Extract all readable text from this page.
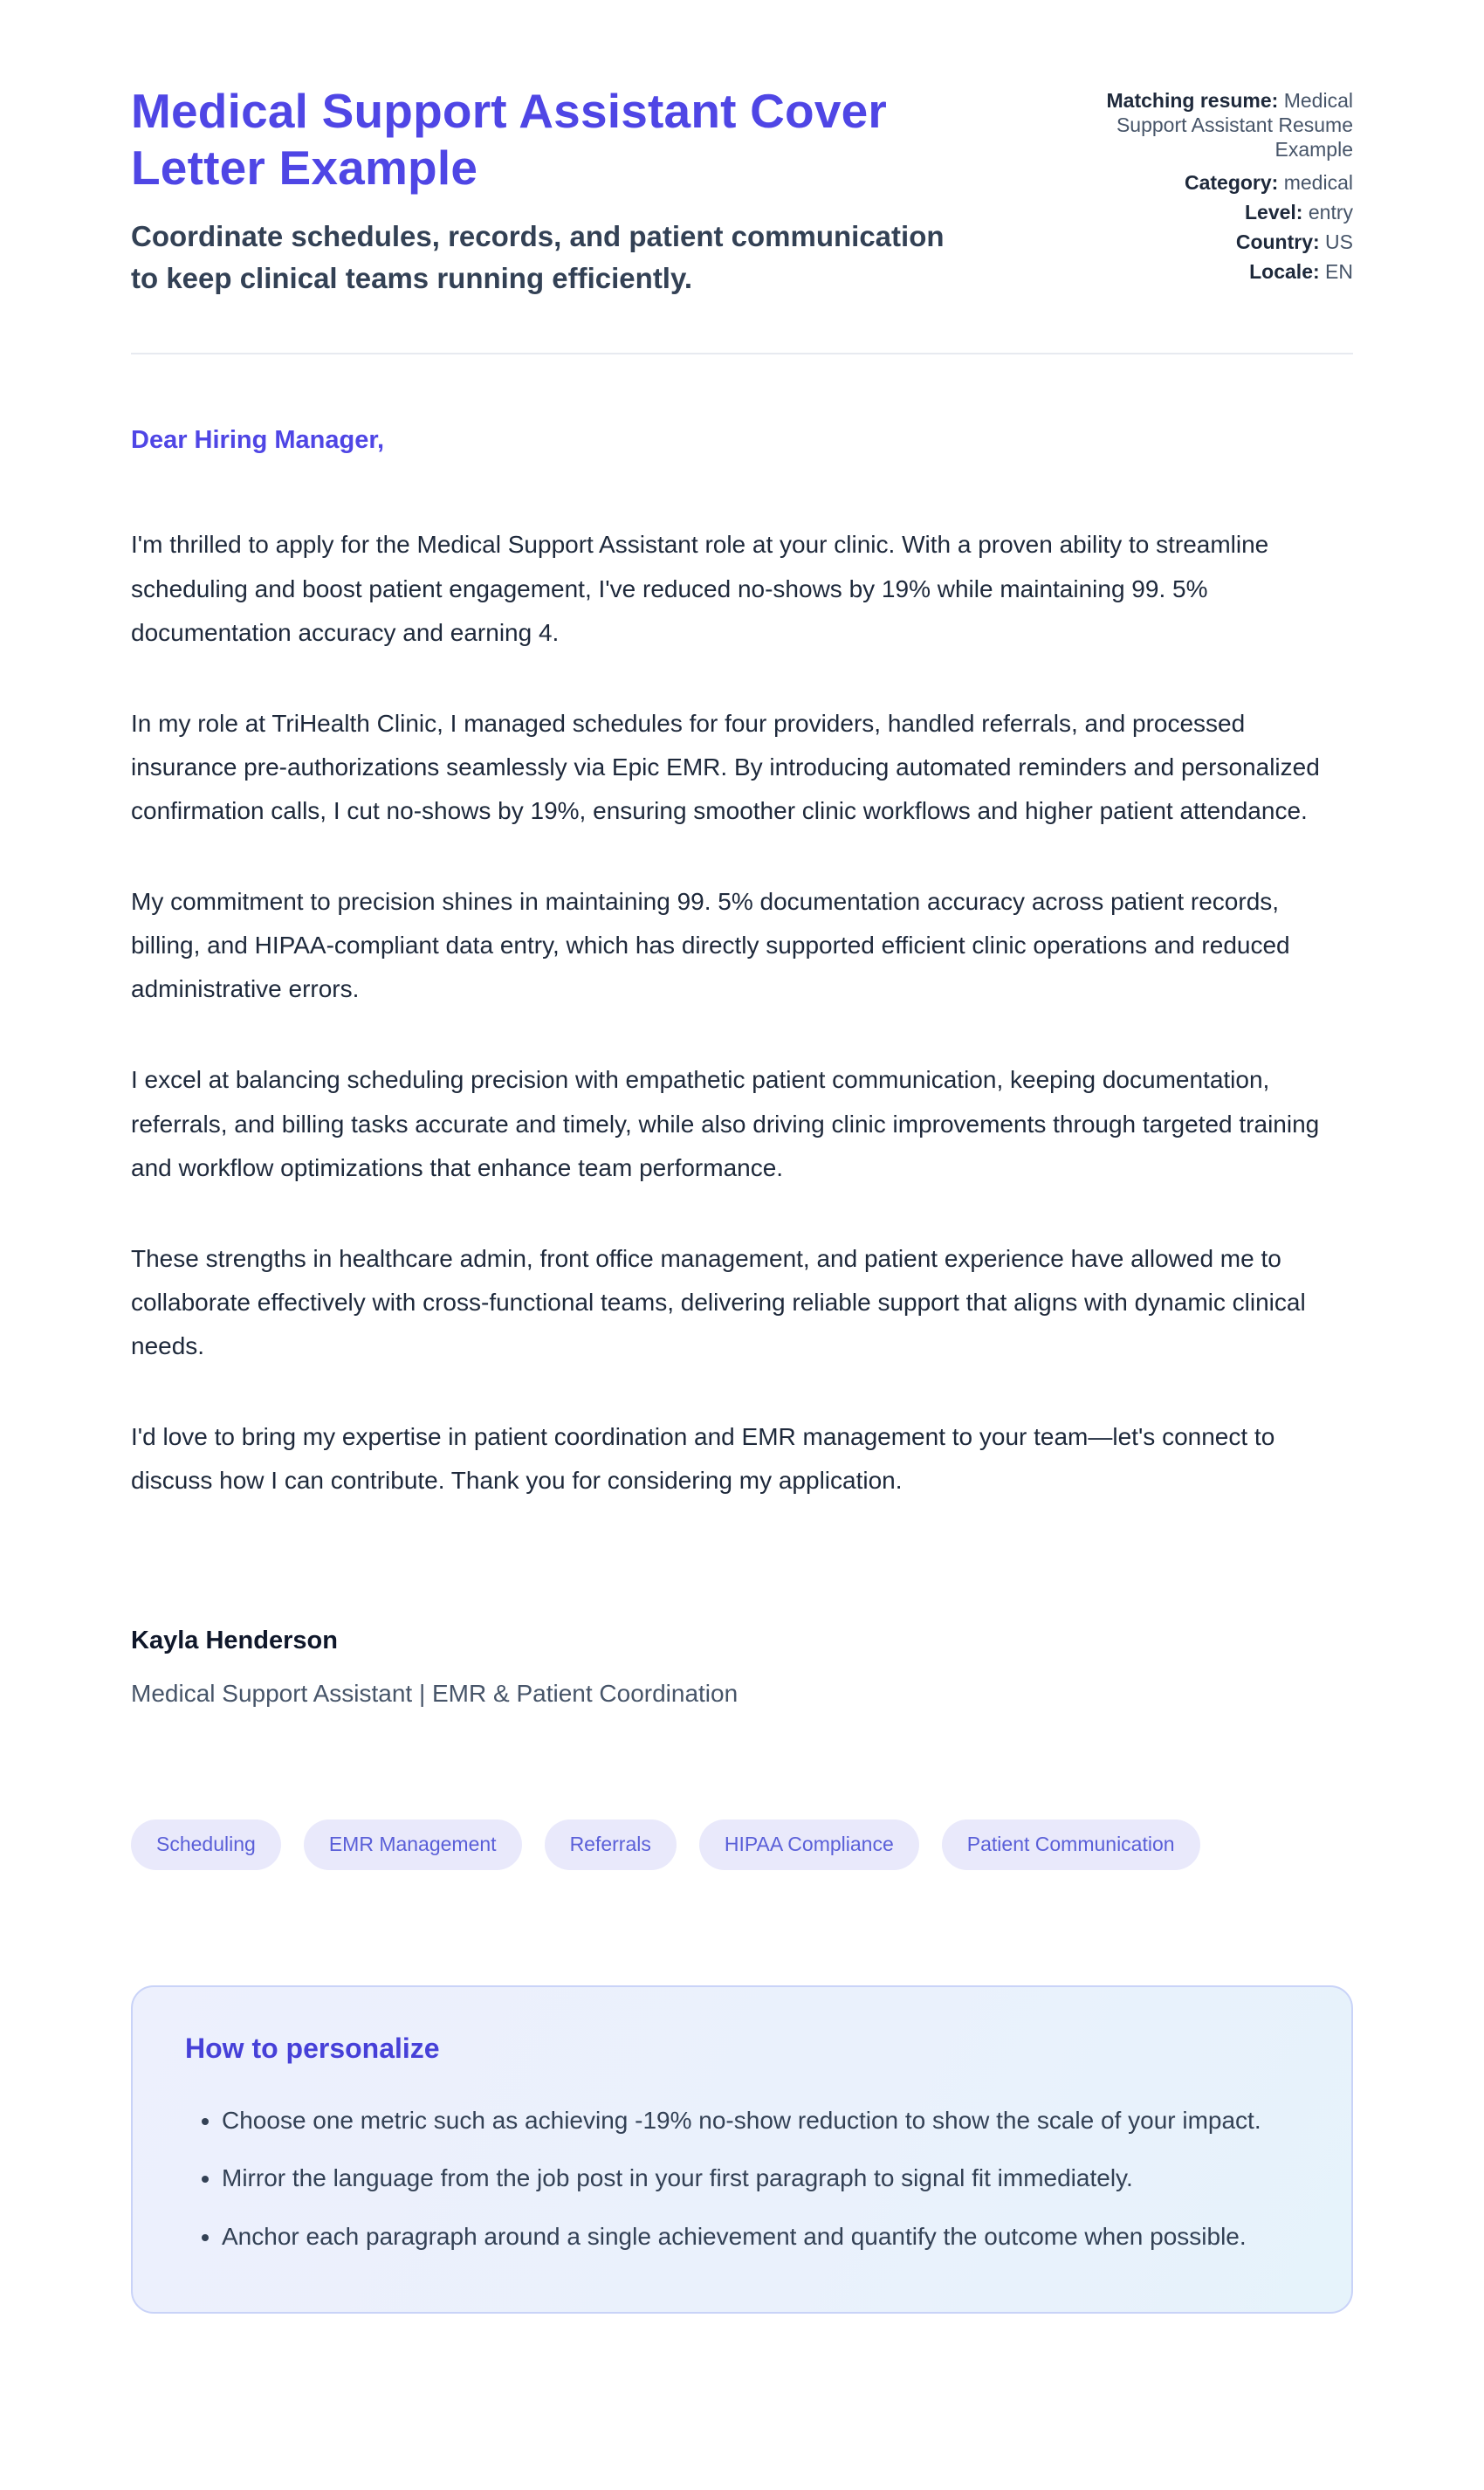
Medical Support Assistant Cover Letter Example
Coordinate schedules, records, and patient communication to keep clinical teams running efficiently.
Matching resume: Medical Support Assistant Resume Example
Category: medical
Level: entry
Country: US
Locale: EN
Dear Hiring Manager,

I'm thrilled to apply for the Medical Support Assistant role at your clinic. With a proven ability to streamline scheduling and boost patient engagement, I've reduced no-shows by 19% while maintaining 99. 5% documentation accuracy and earning 4.

In my role at TriHealth Clinic, I managed schedules for four providers, handled referrals, and processed insurance pre-authorizations seamlessly via Epic EMR. By introducing automated reminders and personalized confirmation calls, I cut no-shows by 19%, ensuring smoother clinic workflows and higher patient attendance.

My commitment to precision shines in maintaining 99. 5% documentation accuracy across patient records, billing, and HIPAA-compliant data entry, which has directly supported efficient clinic operations and reduced administrative errors.

I excel at balancing scheduling precision with empathetic patient communication, keeping documentation, referrals, and billing tasks accurate and timely, while also driving clinic improvements through targeted training and workflow optimizations that enhance team performance.

These strengths in healthcare admin, front office management, and patient experience have allowed me to collaborate effectively with cross-functional teams, delivering reliable support that aligns with dynamic clinical needs.

I'd love to bring my expertise in patient coordination and EMR management to your team—let's connect to discuss how I can contribute. Thank you for considering my application.

Kayla Henderson
Medical Support Assistant | EMR & Patient Coordination
Scheduling	EMR Management	Referrals	HIPAA Compliance	Patient Communication
How to personalize
• Choose one metric such as achieving -19% no-show reduction to show the scale of your impact.
• Mirror the language from the job post in your first paragraph to signal fit immediately.
• Anchor each paragraph around a single achievement and quantify the outcome when possible.
